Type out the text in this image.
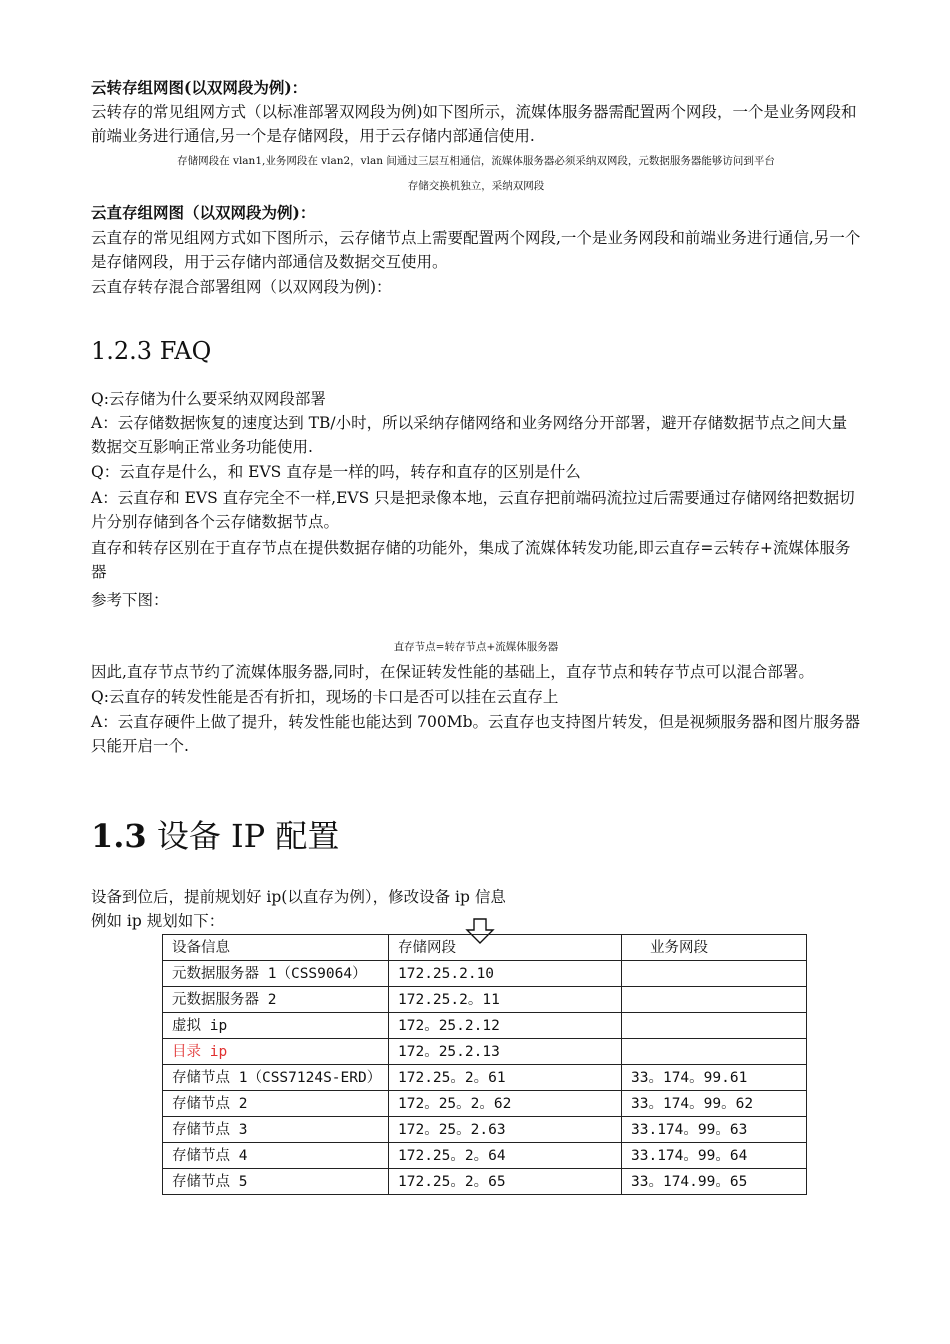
云转存组网图(以双网段为例)：

云转存的常见组网方式（以标准部署双网段为例)如下图所示，流媒体服务器需配置两个网段，一个是业务网段和前端业务进行通信,另一个是存储网段，用于云存储内部通信使用.

存储网段在 vlan1,业务网段在 vlan2，vlan 间通过三层互相通信，流媒体服务器必须采纳双网段，元数据服务器能够访问到平台

存储交换机独立，采纳双网段

云直存组网图（以双网段为例)：

云直存的常见组网方式如下图所示，云存储节点上需要配置两个网段,一个是业务网段和前端业务进行通信,另一个是存储网段，用于云存储内部通信及数据交互使用。

云直存转存混合部署组网（以双网段为例)：

1.2.3 FAQ

Q:云存储为什么要采纳双网段部署

A：云存储数据恢复的速度达到 TB/小时，所以采纳存储网络和业务网络分开部署，避开存储数据节点之间大量数据交互影响正常业务功能使用.

Q：云直存是什么，和 EVS 直存是一样的吗，转存和直存的区别是什么

A：云直存和 EVS 直存完全不一样,EVS 只是把录像本地，云直存把前端码流拉过后需要通过存储网络把数据切片分别存储到各个云存储数据节点。

直存和转存区别在于直存节点在提供数据存储的功能外，集成了流媒体转发功能,即云直存=云转存+流媒体服务器

参考下图：

直存节点=转存节点+流媒体服务器

因此,直存节点节约了流媒体服务器,同时，在保证转发性能的基础上，直存节点和转存节点可以混合部署。

Q:云直存的转发性能是否有折扣，现场的卡口是否可以挂在云直存上

A：云直存硬件上做了提升，转发性能也能达到 700Mb。云直存也支持图片转发，但是视频服务器和图片服务器只能开启一个.

1.3 设备 IP 配置

设备到位后，提前规划好 ip(以直存为例），修改设备 ip 信息

例如 ip 规划如下：

设备信息	存储网段	业务网段
元数据服务器 1（CSS9064）	172.25.2.10	
元数据服务器 2	172.25.2。11	
虚拟 ip	172。25.2.12	
目录 ip	172。25.2.13	
存储节点 1（CSS7124S-ERD）	172.25。2。61	33。174。99.61
存储节点 2	172。25。2。62	33。174。99。62
存储节点 3	172。25。2.63	33.174。99。63
存储节点 4	172.25。2。64	33.174。99。64
存储节点 5	172.25。2。65	33。174.99。65
